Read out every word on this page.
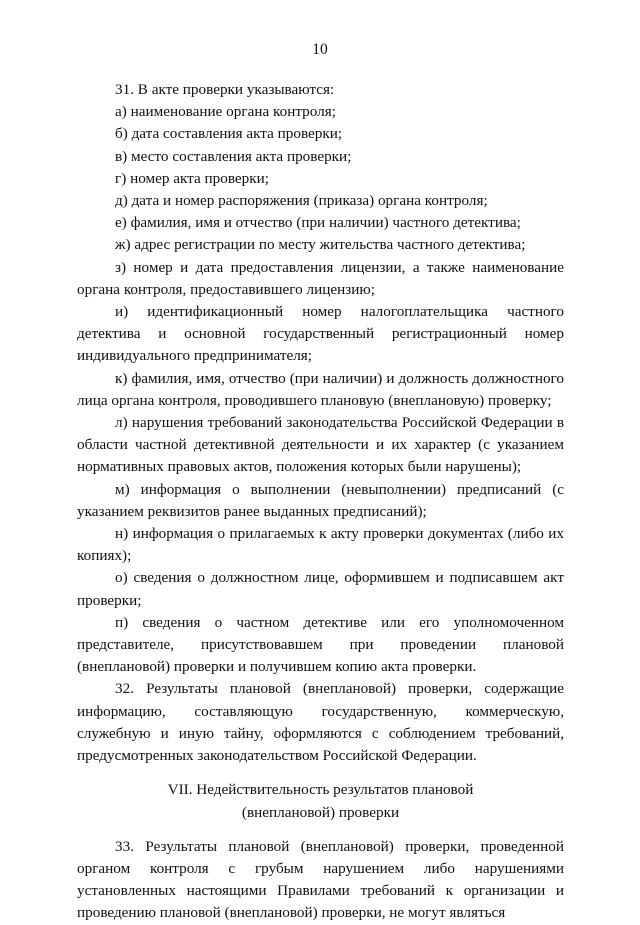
10

31. В акте проверки указываются:

а) наименование органа контроля;

б) дата составления акта проверки;

в) место составления акта проверки;

г) номер акта проверки;

д) дата и номер распоряжения (приказа) органа контроля;

е) фамилия, имя и отчество (при наличии) частного детектива;

ж) адрес регистрации по месту жительства частного детектива;

з) номер и дата предоставления лицензии, а также наименование органа контроля, предоставившего лицензию;

и) идентификационный номер налогоплательщика частного детектива и основной государственный регистрационный номер индивидуального предпринимателя;

к) фамилия, имя, отчество (при наличии) и должность должностного лица органа контроля, проводившего плановую (внеплановую) проверку;

л) нарушения требований законодательства Российской Федерации в области частной детективной деятельности и их характер (с указанием нормативных правовых актов, положения которых были нарушены);

м) информация о выполнении (невыполнении) предписаний (с указанием реквизитов ранее выданных предписаний);

н) информация о прилагаемых к акту проверки документах (либо их копиях);

о) сведения о должностном лице, оформившем и подписавшем акт проверки;

п) сведения о частном детективе или его уполномоченном представителе, присутствовавшем при проведении плановой (внеплановой) проверки и получившем копию акта проверки.

32. Результаты плановой (внеплановой) проверки, содержащие информацию, составляющую государственную, коммерческую, служебную и иную тайну, оформляются с соблюдением требований, предусмотренных законодательством Российской Федерации.

VII. Недействительность результатов плановой
(внеплановой) проверки

33. Результаты плановой (внеплановой) проверки, проведенной органом контроля с грубым нарушением либо нарушениями установленных настоящими Правилами требований к организации и проведению плановой (внеплановой) проверки, не могут являться
